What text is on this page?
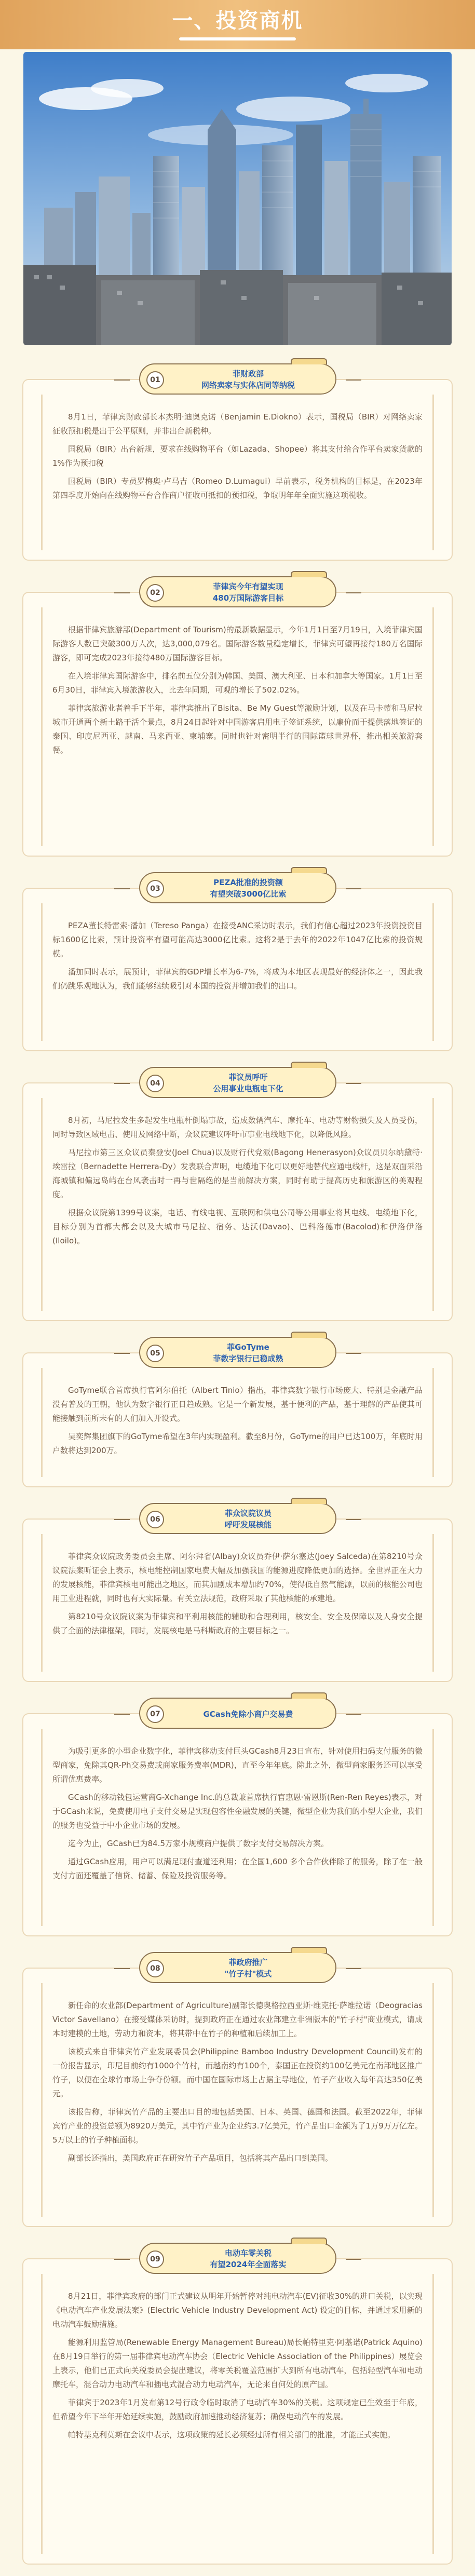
一、投资商机
01
菲财政部
网络卖家与实体店同等纳税

8月1日，菲律宾财政部长本杰明·迪奥克诺（Benjamin E.Diokno）表示，国税局（BIR）对网络卖家征收预扣税是出于公平原则，并非出台新税种。

国税局（BIR）出台新规，要求在线购物平台（如Lazada、Shopee）将其支付给合作平台卖家货款的1%作为预扣税

国税局（BIR）专员罗梅奥·卢马吉（Romeo D.Lumagui）早前表示，税务机构的目标是，在2023年第四季度开始向在线购物平台合作商户征收可抵扣的预扣税，争取明年年全面实施这项税收。

02
菲律宾今年有望实现
480万国际游客目标

根据菲律宾旅游部(Department of Tourism)的最新数据显示，今年1月1日至7月19日，入境菲律宾国际游客人数已突破300万人次，达3,000,079名。国际游客数量稳定增长，菲律宾可望再接待180万名国际游客，即可完成2023年接待480万国际游客目标。

在入境菲律宾国际游客中，排名前五位分别为韩国、美国、澳大利亚、日本和加拿大等国家。1月1日至6月30日，菲律宾入境旅游收入，比去年同期，可观的增长了502.02%。

菲律宾旅游业者着手下半年，菲律宾推出了Bisita、Be My Guest等激励计划，以及在马卡蒂和马尼拉城市开通两个新土路干活个景点，8月24日起针对中国游客启用电子签证系统，以廉价而于提供落地签证的泰国、印度尼西亚、越南、马来西亚、柬埔寨。同时也针对密明半行的国际篮球世界杯，推出相关旅游套餐。

03
PEZA批准的投资额
有望突破3000亿比索

PEZA董长特雷索·潘加（Tereso Panga）在接受ANC采访时表示，我们有信心超过2023年投资投资目标1600亿比索，预计投资率有望可能高达3000亿比索。这将2是于去年的2022年1047亿比索的投资规模。

潘加同时表示，展预计，菲律宾的GDP增长率为6-7%，将成为本地区表现最好的经济体之一，因此我们仍跳乐观地认为，我们能够继续吸引对本国的投资并增加我们的出口。

04
菲议员呼吁
公用事业电瓶电下化

8月初，马尼拉发生多起发生电瓶杆倒塌事故，造成数辆汽车、摩托车、电动等财物损失及人员受伤，同时导致区域电击、使用及网络中断，众议院建议呼吁市事业电线地下化，以降低风险。

马尼拉市第三区众议员秦登安(Joel Chua)以及财行代党派(Bagong Henerasyon)众议员贝尔纳黛特·埃雷拉（Bernadette Herrera-Dy）发表联合声明，电缆地下化可以更好地替代应通电线杆，这是双面采沿海城镇和偏远岛屿在台风袭击时一再与世隔绝的是当前解决方案，同时有助于提高历史和旅游区的美观程度。

根据众议院第1399号议案，电话、有线电视、互联网和供电公司等公用事业将其电线、电缆地下化，目标分别为首都大都会以及大城市马尼拉、宿务、达沃(Davao)、巴科洛德市(Bacolod)和伊洛伊洛(Iloilo)。

05
菲GoTyme
菲数字银行已稳成熟

GoTyme联合首席执行官阿尔伯托（Albert Tinio）指出，菲律宾数字银行市场庞大、特别是金融产品没有普及的王朝，他认为数字银行正日趋成熟。它是一个新发展，基于便利的产品，基于理解的产品使其可能接触到前所未有的人们加入开设式。

吴奕辉集团旗下的GoTyme希望在3年内实现盈利。截至8月份，GoTyme的用户已达100万，年底时用户数将达到200万。

06
菲众议院议员
呼吁发展核能

菲律宾众议院政务委员会主席、阿尔拜省(Albay)众议员乔伊·萨尔塞达(Joey Salceda)在第8210号众议院法案听证会上表示，核电能控制国家电费大幅及加强我国的能源进度降低更加的选择。全世界正在大力的发展核能，菲律宾核电可能出之地区，而其加剧成本增加约70%，使得低自然气能源，以前的核能公司也用工业进程就，同时也有大实际量。有关立法规范，政府采取了其他核能的承建地。

第8210号众议院议案为菲律宾和平利用核能的辅助和合理利用，核安全、安全及保障以及人身安全提供了全面的法律框架，同时，发展核电是马科斯政府的主要目标之一。

07	GCash免除小商户交易费

为吸引更多的小型企业数字化，菲律宾移动支付巨头GCash8月23日宣布，针对使用扫码支付服务的微型商家，免除其QR-Ph交易费或商家服务费率(MDR)，直至今年年底。除此之外，微型商家服务还可以享受所谓优惠费率。

GCash的移动钱包运营商G-Xchange Inc.的总裁兼首席执行官惠恩·雷恩斯(Ren-Ren Reyes)表示，对于GCash来说，免费使用电子支付交易是实现包容性金融发展的关键，微型企业为我们的小型大企业，我们的服务也受益于中小企业市场的发展。

迄今为止，GCash已为84.5万家小规模商户提供了数字支付交易解决方案。

通过GCash应用，用户可以满足现付查道还利用；在全国1,600 多个合作伙伴除了的服务，除了在一般支付方面还覆盖了信贷、储蓄、保险及投资服务等。

08
菲政府推广
"竹子村"模式

新任命的农业部(Department of Agriculture)副部长德奥格拉西亚斯·维克托·萨维拉诺（Deogracias Victor Savellano）在接受媒体采访时，提到政府正在通过农业部建立非洲版本的"竹子村"商业模式，请成本时建模的土地，劳动力和资本，将其带中在竹子的种植和后续加工上。

该模式来自菲律宾竹产业发展委员会(Philippine Bamboo Industry Development Council)发布的一份报告显示，印尼目前约有1000个竹村，而越南约有100个，泰国正在投资约100亿美元在南部地区推广竹子，以便在全球竹市场上争夺份额。而中国在国际市场上占据主导地位，竹子产业收入每年高达350亿美元。

该报告称，菲律宾竹产品的主要出口目的地包括美国、日本、英国、德国和法国。截至2022年，菲律宾竹产业的投资总额为8920万美元，其中竹产业为企业约3.7亿美元，竹产品出口金额为了1万9万万亿左。5万以上的竹子种植面积。

副部长还指出，美国政府正在研究竹子产品项目，包括将其产品出口到美国。

09
电动车零关税
有望2024年全面落实

8月21日，菲律宾政府的部门正式建议从明年开始暂停对纯电动汽车(EV)征收30%的进口关税，以实现《电动汽车产业发展法案》(Electric Vehicle Industry Development Act) 设定的目标，并通过采用新的电动汽车鼓励措施。

能源利用监管局(Renewable Energy Management Bureau)局长帕特里克·阿基诺(Patrick Aquino)在8月19日举行的第一届菲律宾电动汽车协会（Electric Vehicle Association of the Philippines）展览会上表示，他们已正式向关税委员会提出建议，将零关税覆盖范围扩大到所有电动汽车，包括轻型汽车和电动摩托车，混合动力电动汽车和插电式混合动力电动汽车，无论来自何处的原产国。

菲律宾于2023年1月发布第12号行政令临时取消了电动汽车30%的关税。这项规定已生效至于年底，但希望今年下半年开始延续实施，鼓励政府加速推动经济复苏；确保电动汽车的发展。

帕特基克利莫斯在会议中表示，这项政策的延长必须经过所有相关部门的批准，才能正式实施。
